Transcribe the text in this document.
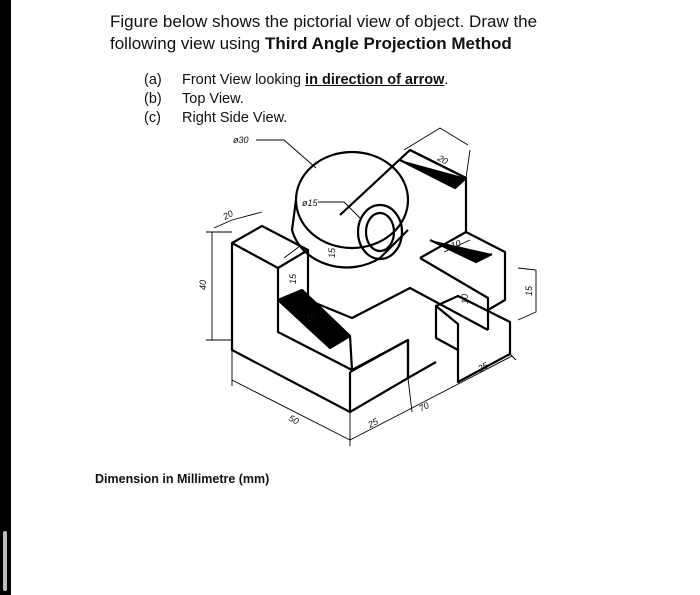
Figure below shows the pictorial view of object. Draw the
following view using Third Angle Projection Method
(a) Front View looking in direction of arrow.
(b) Top View.
(c) Right Side View.
Dimension in Millimetre (mm)
ø30
ø15
20
20
40
15
10
15
10
10
15
25
50	25
70
